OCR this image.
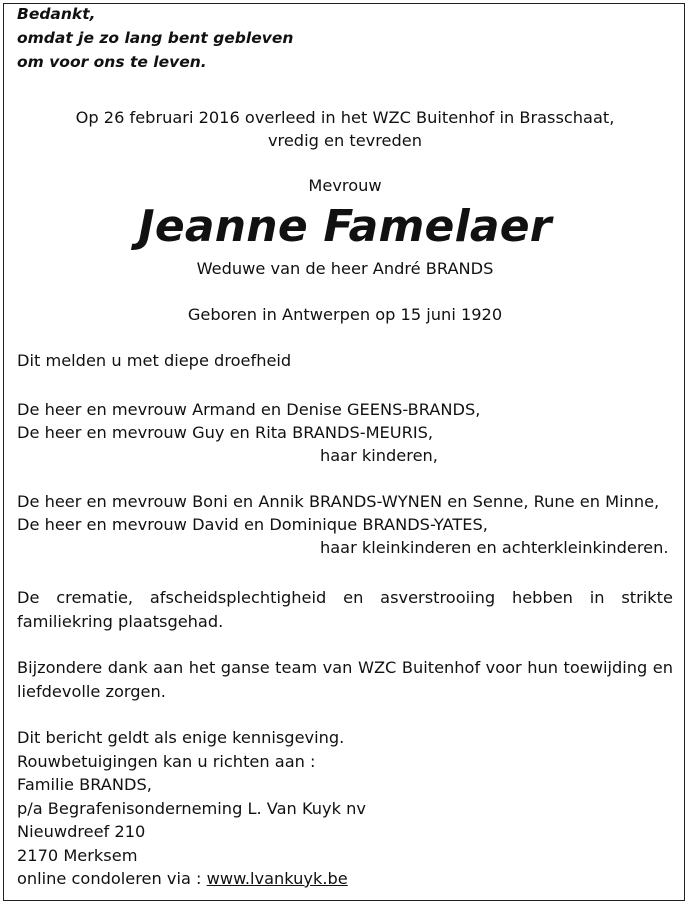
Bedankt,
omdat je zo lang bent gebleven
om voor ons te leven.
Op 26 februari 2016 overleed in het WZC Buitenhof in Brasschaat,
vredig en tevreden
Mevrouw
Jeanne Famelaer
Weduwe van de heer André BRANDS
Geboren in Antwerpen op 15 juni 1920
Dit melden u met diepe droefheid
De heer en mevrouw Armand en Denise GEENS-BRANDS,
De heer en mevrouw Guy en Rita BRANDS-MEURIS,
haar kinderen,
De heer en mevrouw Boni en Annik BRANDS-WYNEN en Senne, Rune en Minne,
De heer en mevrouw David en Dominique BRANDS-YATES,
haar kleinkinderen en achterkleinkinderen.
De crematie, afscheidsplechtigheid en asverstrooiing hebben in strikte
familiekring plaatsgehad.
Bijzondere dank aan het ganse team van WZC Buitenhof voor hun toewijding en
liefdevolle zorgen.
Dit bericht geldt als enige kennisgeving.
Rouwbetuigingen kan u richten aan :
Familie BRANDS,
p/a Begrafenisonderneming L. Van Kuyk nv
Nieuwdreef 210
2170 Merksem
online condoleren via : www.lvankuyk.be
